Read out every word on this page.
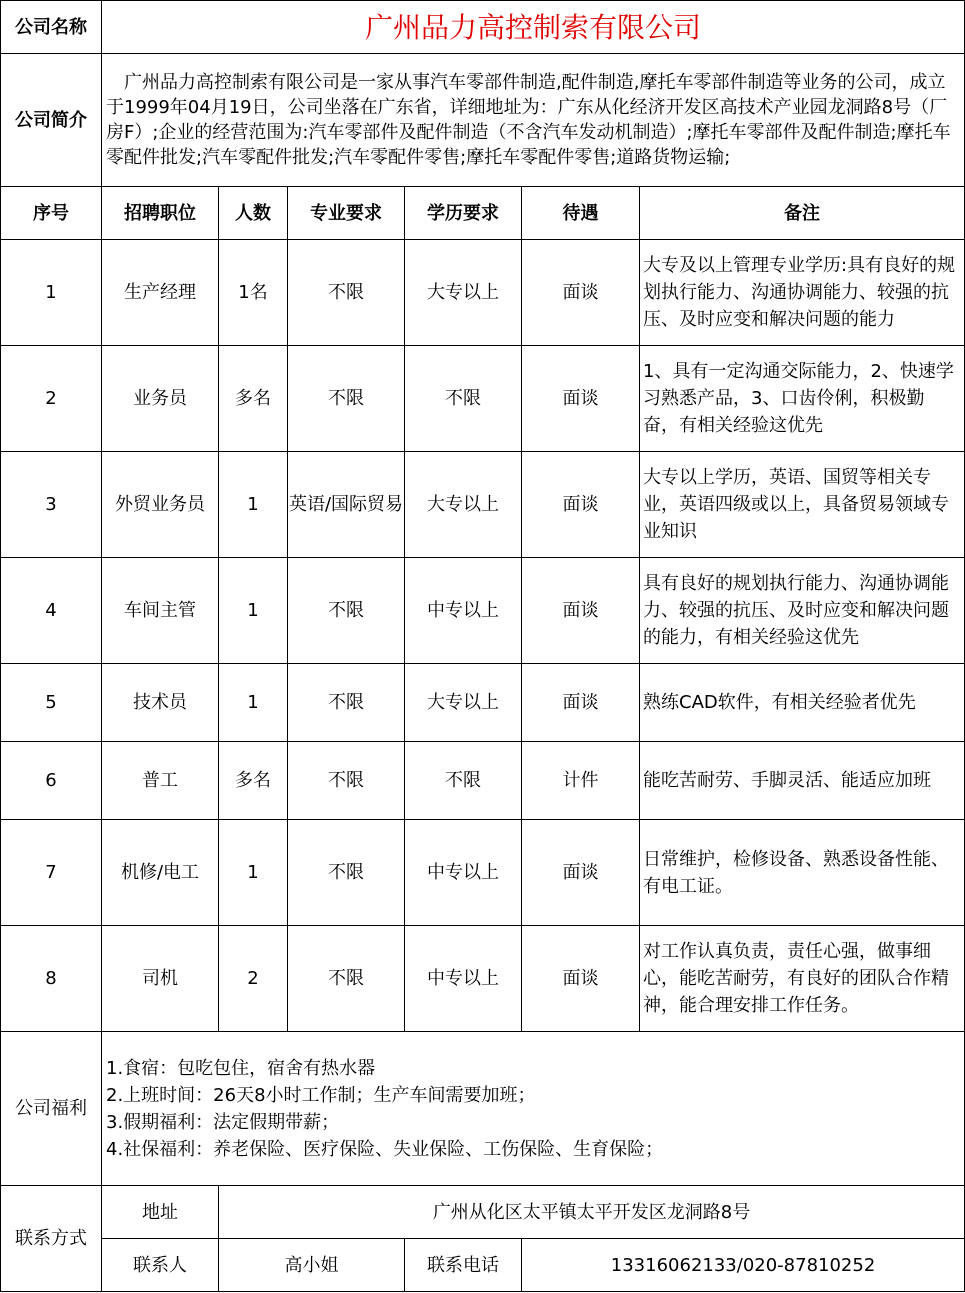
公司名称	广州品力高控制索有限公司					
公司简介	广州品力高控制索有限公司是一家从事汽车零部件制造,配件制造,摩托车零部件制造等业务的公司，成立于1999年04月19日，公司坐落在广东省，详细地址为：广东从化经济开发区高技术产业园龙洞路8号（厂房F）;企业的经营范围为:汽车零部件及配件制造（不含汽车发动机制造）;摩托车零部件及配件制造;摩托车零配件批发;汽车零配件批发;汽车零配件零售;摩托车零配件零售;道路货物运输;					
序号	招聘职位	人数	专业要求	学历要求	待遇	备注
1	生产经理	1名	不限	大专以上	面谈	大专及以上管理专业学历:具有良好的规划执行能力、沟通协调能力、较强的抗压、及时应变和解决问题的能力
2	业务员	多名	不限	不限	面谈	1、具有一定沟通交际能力，2、快速学习熟悉产品，3、口齿伶俐，积极勤奋，有相关经验这优先
3	外贸业务员	1	英语/国际贸易	大专以上	面谈	大专以上学历，英语、国贸等相关专业，英语四级或以上，具备贸易领域专业知识
4	车间主管	1	不限	中专以上	面谈	具有良好的规划执行能力、沟通协调能力、较强的抗压、及时应变和解决问题的能力，有相关经验这优先
5	技术员	1	不限	大专以上	面谈	熟练CAD软件，有相关经验者优先
6	普工	多名	不限	不限	计件	能吃苦耐劳、手脚灵活、能适应加班
7	机修/电工	1	不限	中专以上	面谈	日常维护，检修设备、熟悉设备性能、有电工证。
8	司机	2	不限	中专以上	面谈	对工作认真负责，责任心强，做事细心，能吃苦耐劳，有良好的团队合作精神，能合理安排工作任务。
公司福利	1.食宿：包吃包住，宿舍有热水器
2.上班时间：26天8小时工作制；生产车间需要加班；
3.假期福利：法定假期带薪；
4.社保福利：养老保险、医疗保险、失业保险、工伤保险、生育保险；					

联系方式	地址	广州从化区太平镇太平开发区龙洞路8号				
	联系人	高小姐		联系电话	13316062133/020-87810252	
